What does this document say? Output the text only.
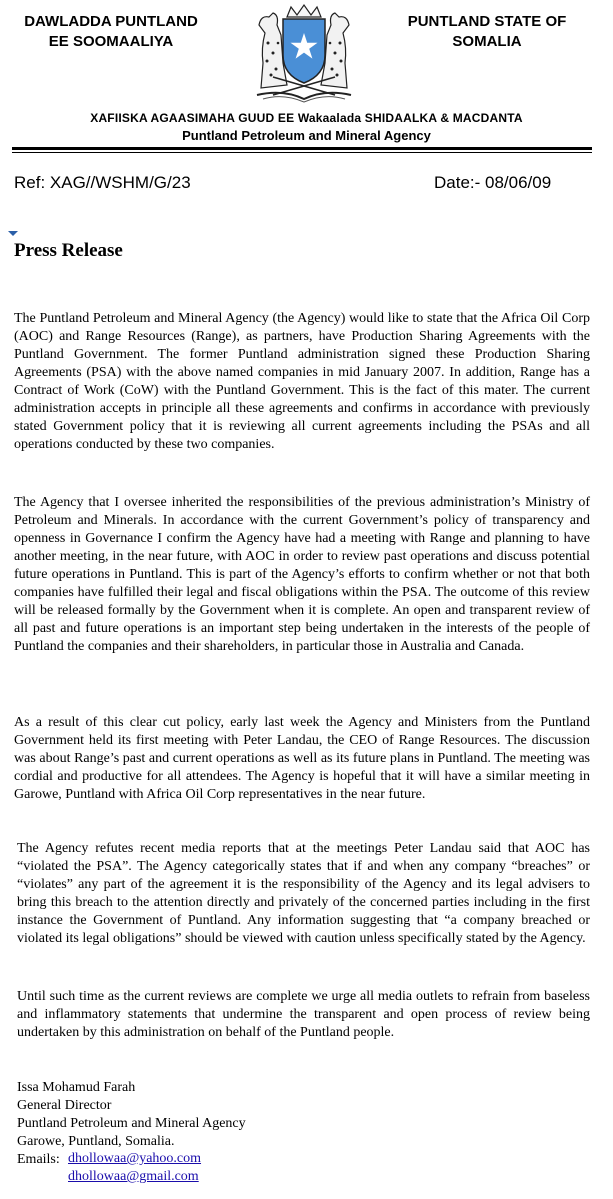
DAWLADDA PUNTLAND
EE SOOMAALIYA
PUNTLAND STATE OF
SOMALIA
XAFIISKA AGAASIMAHA GUUD EE Wakaalada SHIDAALKA & MACDANTA
Puntland Petroleum and Mineral Agency
Ref: XAG//WSHM/G/23	Date:- 08/06/09
Press Release

The Puntland Petroleum and Mineral Agency (the Agency) would like to state that the Africa Oil Corp (AOC) and Range Resources (Range), as partners, have Production Sharing Agreements with the Puntland Government. The former Puntland administration signed these Production Sharing Agreements (PSA) with the above named companies in mid January 2007. In addition, Range has a Contract of Work (CoW) with the Puntland Government. This is the fact of this mater. The current administration accepts in principle all these agreements and confirms in accordance with previously stated Government policy that it is reviewing all current agreements including the PSAs and all operations conducted by these two companies.

The Agency that I oversee inherited the responsibilities of the previous administration’s Ministry of Petroleum and Minerals. In accordance with the current Government’s policy of transparency and openness in Governance I confirm the Agency have had a meeting with Range and planning to have another meeting, in the near future, with AOC in order to review past operations and discuss potential future operations in Puntland. This is part of the Agency’s efforts to confirm whether or not that both companies have fulfilled their legal and fiscal obligations within the PSA. The outcome of this review will be released formally by the Government when it is complete. An open and transparent review of all past and future operations is an important step being undertaken in the interests of the people of Puntland the companies and their shareholders, in particular those in Australia and Canada.

As a result of this clear cut policy, early last week the Agency and Ministers from the Puntland Government held its first meeting with Peter Landau, the CEO of Range Resources. The discussion was about Range’s past and current operations as well as its future plans in Puntland. The meeting was cordial and productive for all attendees. The Agency is hopeful that it will have a similar meeting in Garowe, Puntland with Africa Oil Corp representatives in the near future.

The Agency refutes recent media reports that at the meetings Peter Landau said that AOC has “violated the PSA”. The Agency categorically states that if and when any company “breaches” or “violates” any part of the agreement it is the responsibility of the Agency and its legal advisers to bring this breach to the attention directly and privately of the concerned parties including in the first instance the Government of Puntland. Any information suggesting that “a company breached or violated its legal obligations” should be viewed with caution unless specifically stated by the Agency.

Until such time as the current reviews are complete we urge all media outlets to refrain from baseless and inflammatory statements that undermine the transparent and open process of review being undertaken by this administration on behalf of the Puntland people.

Issa Mohamud Farah
General Director
Puntland Petroleum and Mineral Agency
Garowe, Puntland, Somalia.
Emails: dhollowaa@yahoo.com
dhollowaa@gmail.com
